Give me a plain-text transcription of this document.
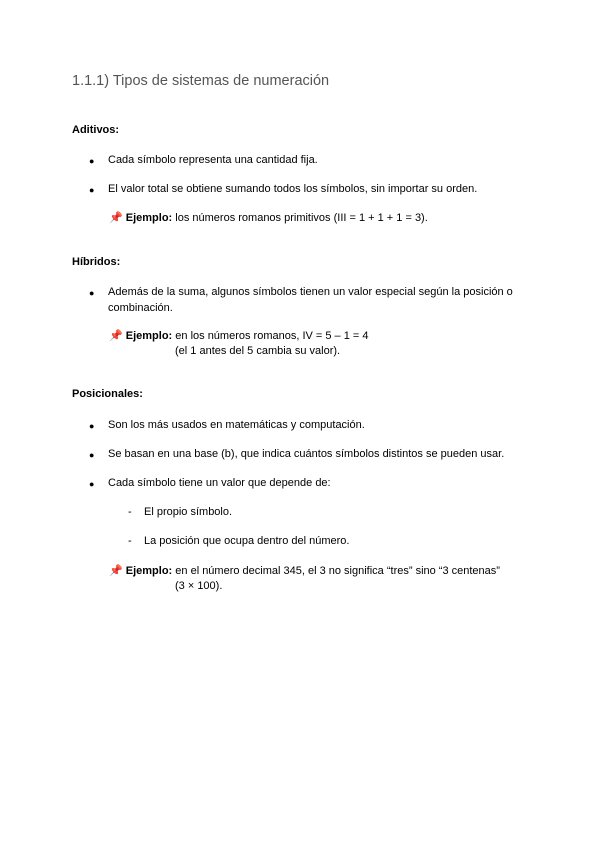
1.1.1) Tipos de sistemas de numeración
Aditivos:
● Cada símbolo representa una cantidad fija.
● El valor total se obtiene sumando todos los símbolos, sin importar su orden.
📌 Ejemplo: los números romanos primitivos (III = 1 + 1 + 1 = 3).
Híbridos:
● Además de la suma, algunos símbolos tienen un valor especial según la posición o combinación.
📌 Ejemplo: en los números romanos, IV = 5 – 1 = 4
(el 1 antes del 5 cambia su valor).
Posicionales:
● Son los más usados en matemáticas y computación.
● Se basan en una base (b), que indica cuántos símbolos distintos se pueden usar.
● Cada símbolo tiene un valor que depende de:
- El propio símbolo.
- La posición que ocupa dentro del número.
📌 Ejemplo: en el número decimal 345, el 3 no significa “tres” sino “3 centenas”
(3 × 100).
